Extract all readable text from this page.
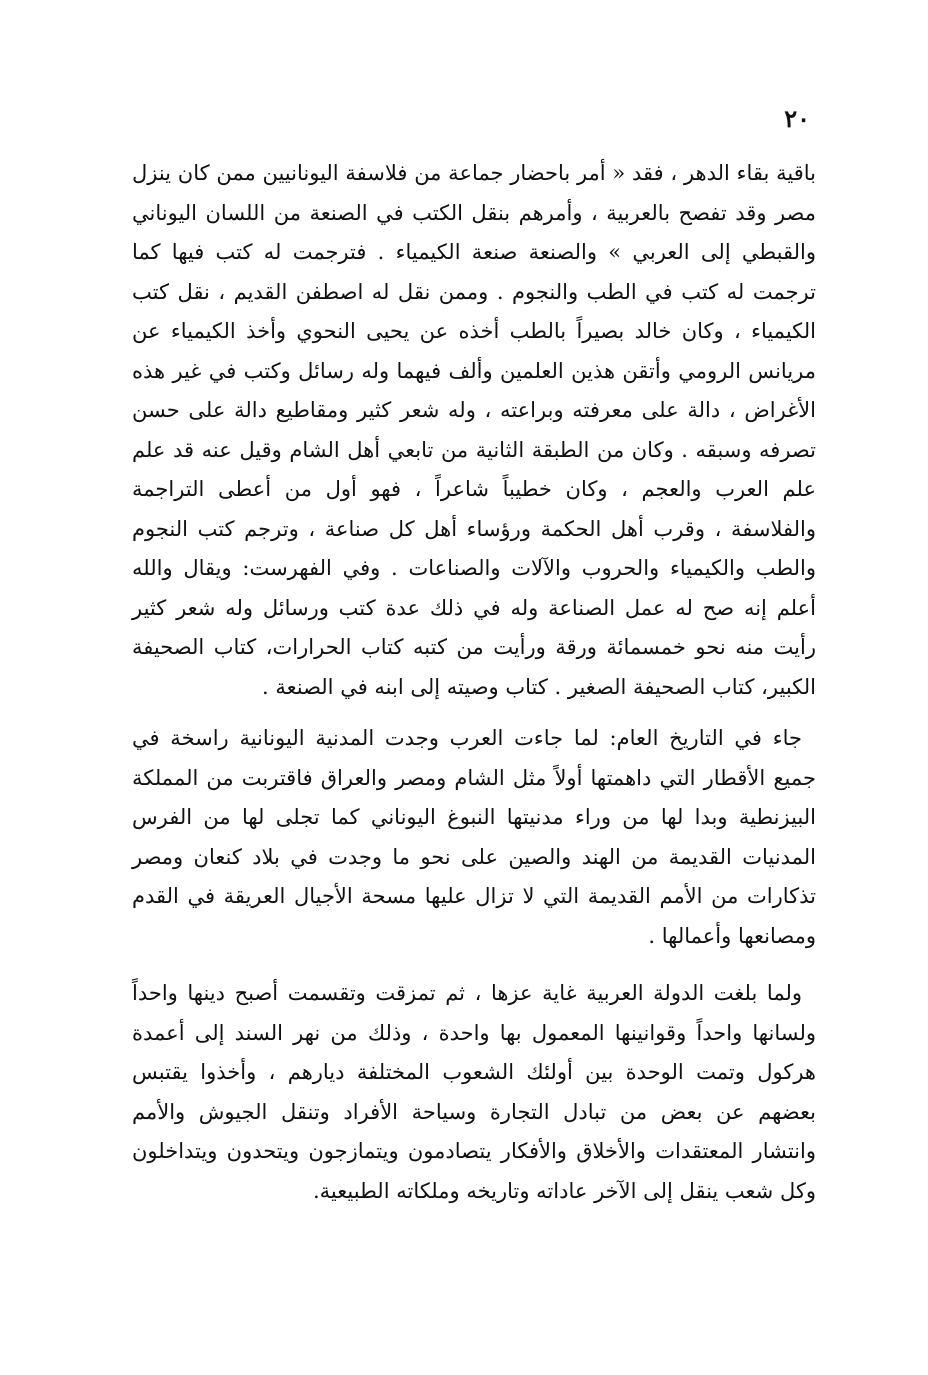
٢٠

باقية بقاء الدهر ، فقد « أمر باحضار جماعة من فلاسفة اليونانيين ممن كان ينزل مصر وقد تفصح بالعربية ، وأمرهم بنقل الكتب في الصنعة من اللسان اليوناني والقبطي إلى العربي » والصنعة صنعة الكيمياء . فترجمت له كتب فيها كما ترجمت له كتب في الطب والنجوم . وممن نقل له اصطفن القديم ، نقل كتب الكيمياء ، وكان خالد بصيراً بالطب أخذه عن يحيى النحوي وأخذ الكيمياء عن مريانس الرومي وأتقن هذين العلمين وألف فيهما وله رسائل وكتب في غير هذه الأغراض ، دالة على معرفته وبراعته ، وله شعر كثير ومقاطيع دالة على حسن تصرفه وسبقه . وكان من الطبقة الثانية من تابعي أهل الشام وقيل عنه قد علم علم العرب والعجم ، وكان خطيباً شاعراً ، فهو أول من أعطى التراجمة والفلاسفة ، وقرب أهل الحكمة ورؤساء أهل كل صناعة ، وترجم كتب النجوم والطب والكيمياء والحروب والآلات والصناعات . وفي الفهرست: ويقال والله أعلم إنه صح له عمل الصناعة وله في ذلك عدة كتب ورسائل وله شعر كثير رأيت منه نحو خمسمائة ورقة ورأيت من كتبه كتاب الحرارات، كتاب الصحيفة الكبير، كتاب الصحيفة الصغير . كتاب وصيته إلى ابنه في الصنعة .

جاء في التاريخ العام: لما جاءت العرب وجدت المدنية اليونانية راسخة في جميع الأقطار التي داهمتها أولاً مثل الشام ومصر والعراق فاقتربت من المملكة البيزنطية وبدا لها من وراء مدنيتها النبوغ اليوناني كما تجلى لها من الفرس المدنيات القديمة من الهند والصين على نحو ما وجدت في بلاد كنعان ومصر تذكارات من الأمم القديمة التي لا تزال عليها مسحة الأجيال العريقة في القدم ومصانعها وأعمالها .

ولما بلغت الدولة العربية غاية عزها ، ثم تمزقت وتقسمت أصبح دينها واحداً ولسانها واحداً وقوانينها المعمول بها واحدة ، وذلك من نهر السند إلى أعمدة هركول وتمت الوحدة بين أولئك الشعوب المختلفة ديارهم ، وأخذوا يقتبس بعضهم عن بعض من تبادل التجارة وسياحة الأفراد وتنقل الجيوش والأمم وانتشار المعتقدات والأخلاق والأفكار يتصادمون ويتمازجون ويتحدون ويتداخلون وكل شعب ينقل إلى الآخر عاداته وتاريخه وملكاته الطبيعية.
